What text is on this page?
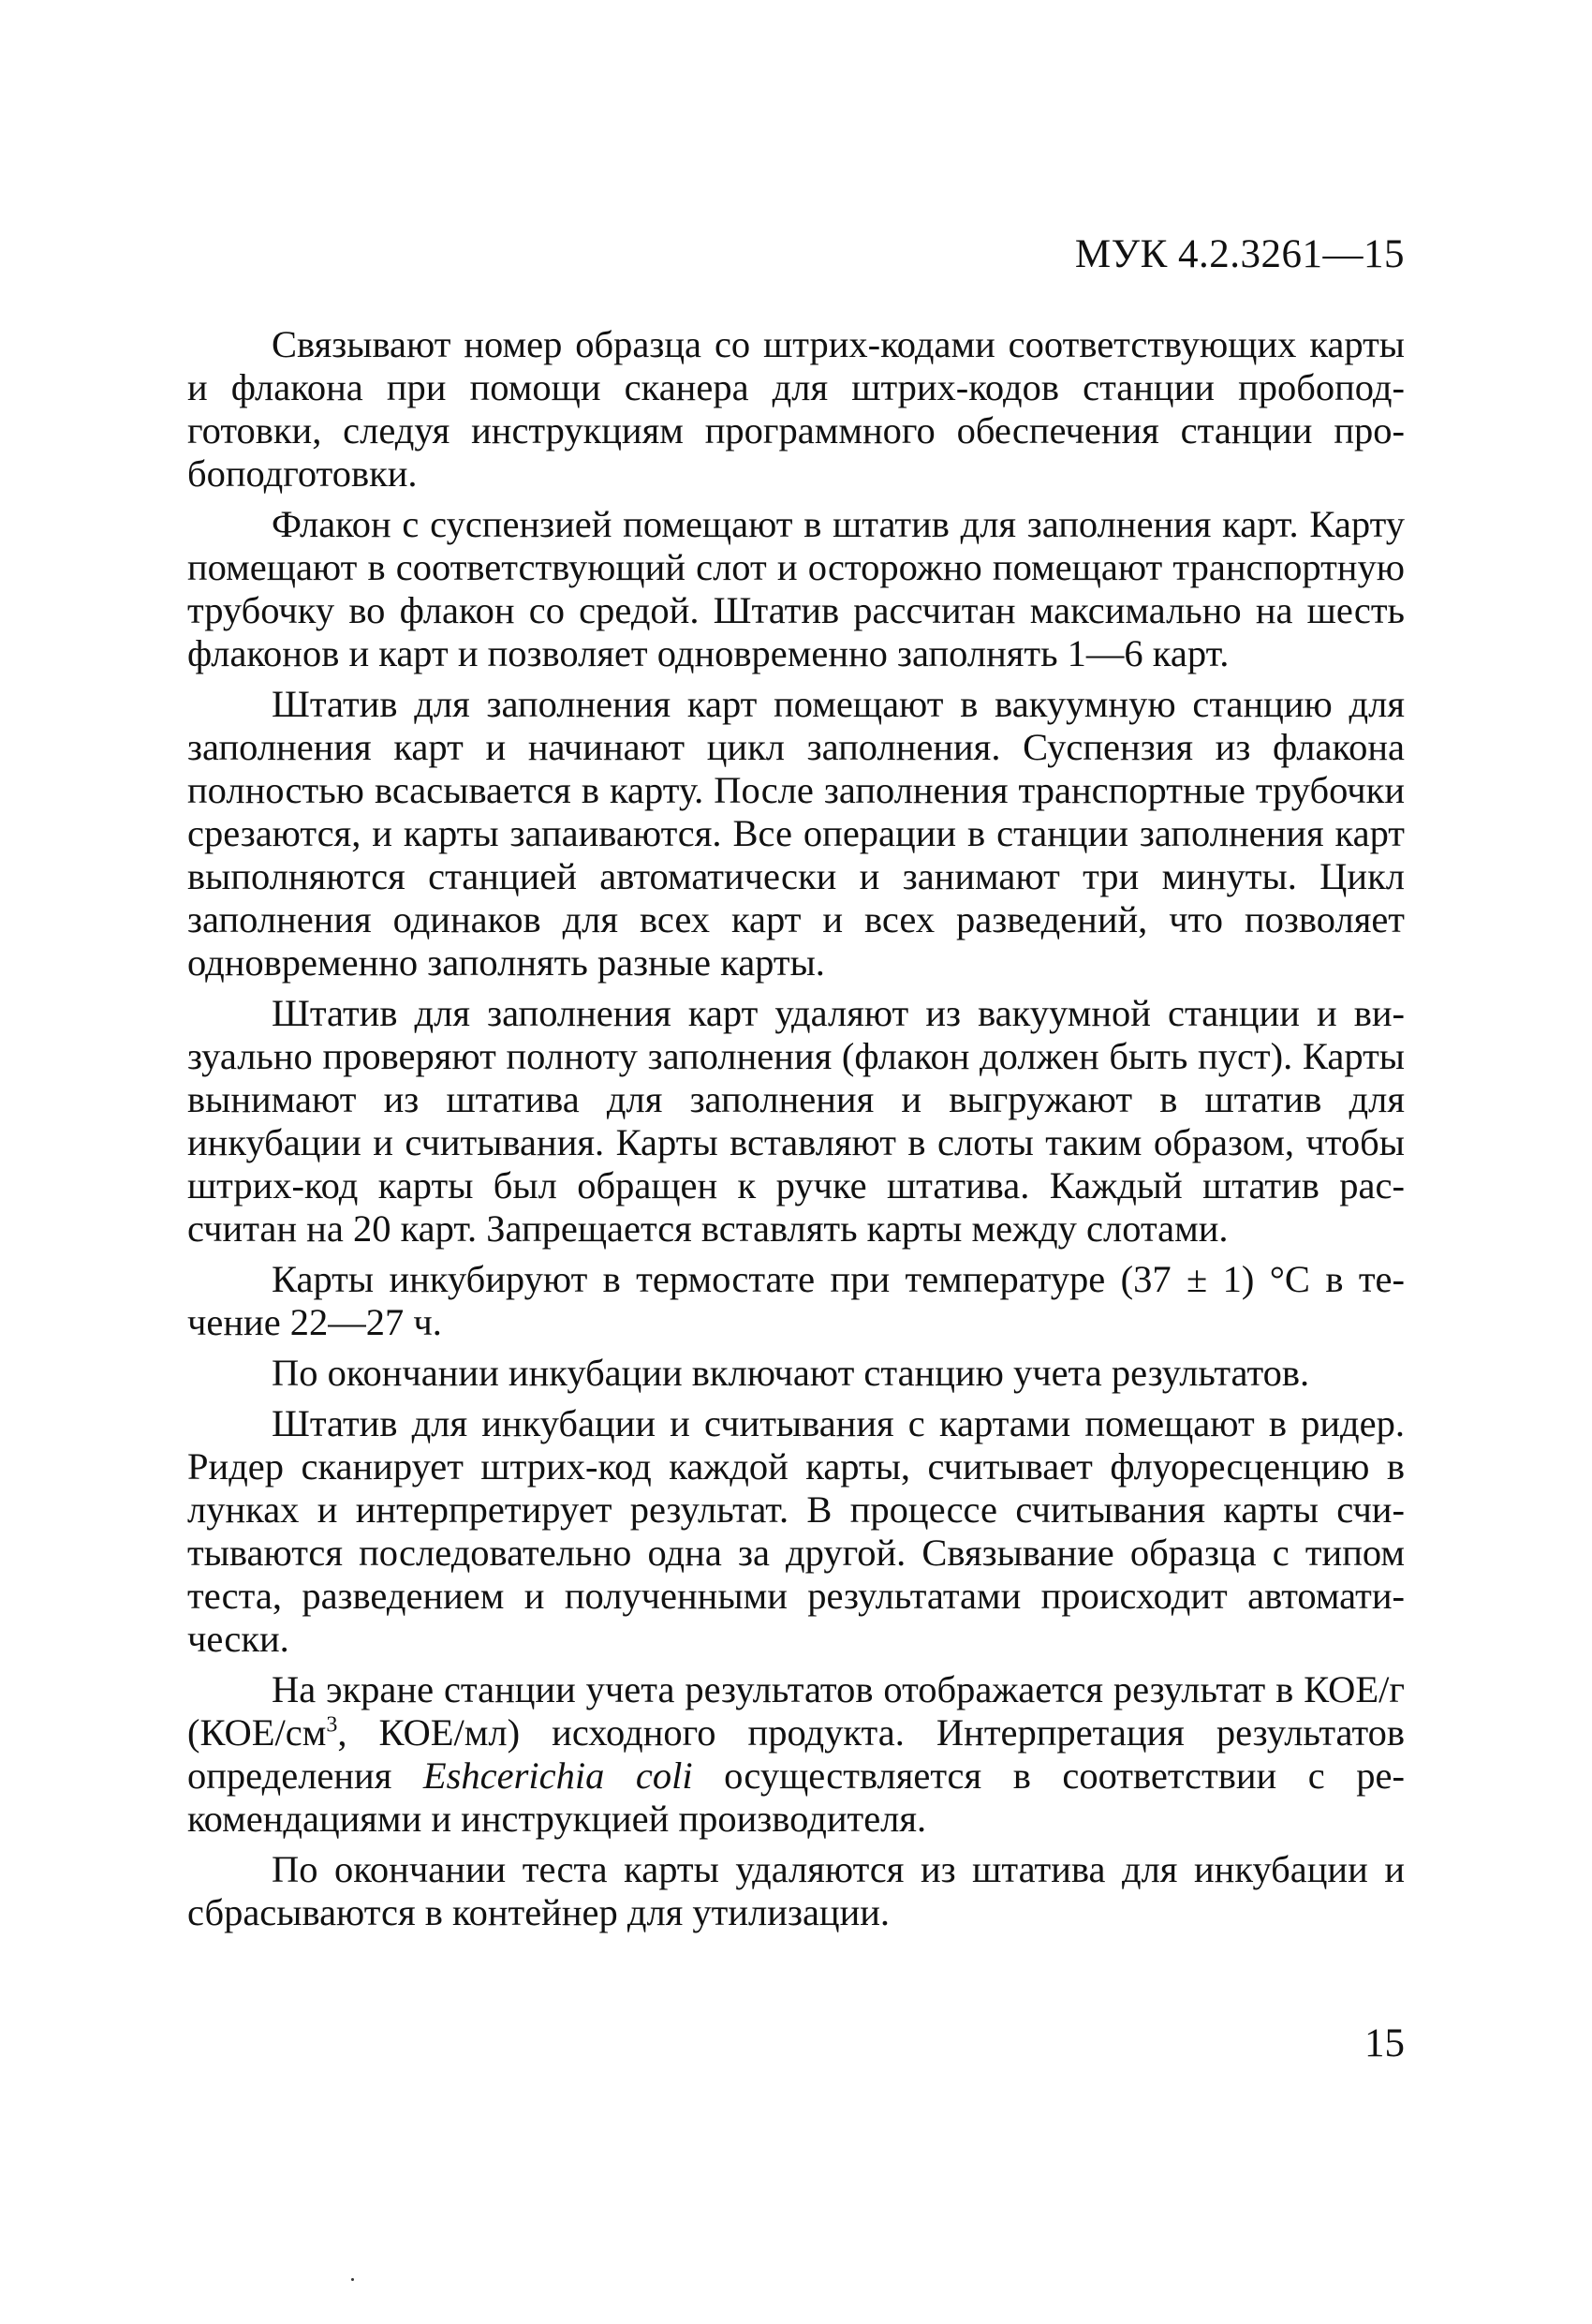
МУК 4.2.3261—15

Связывают номер образца со штрих-кодами соответствующих карты и флакона при помощи сканера для штрих-кодов станции пробоподготовки, следуя инструкциям программного обеспечения станции пробоподготовки.

Флакон с суспензией помещают в штатив для заполнения карт. Карту помещают в соответствующий слот и осторожно помещают транспортную трубочку во флакон со средой. Штатив рассчитан максимально на шесть флаконов и карт и позволяет одновременно заполнять 1—6 карт.

Штатив для заполнения карт помещают в вакуумную станцию для заполнения карт и начинают цикл заполнения. Суспензия из флакона полностью всасывается в карту. После заполнения транспортные трубочки срезаются, и карты запаиваются. Все операции в станции заполнения карт выполняются станцией автоматически и занимают три минуты. Цикл заполнения одинаков для всех карт и всех разведений, что позволяет одновременно заполнять разные карты.

Штатив для заполнения карт удаляют из вакуумной станции и визуально проверяют полноту заполнения (флакон должен быть пуст). Карты вынимают из штатива для заполнения и выгружают в штатив для инкубации и считывания. Карты вставляют в слоты таким образом, чтобы штрих-код карты был обращен к ручке штатива. Каждый штатив рассчитан на 20 карт. Запрещается вставлять карты между слотами.

Карты инкубируют в термостате при температуре (37 ± 1) °С в течение 22—27 ч.

По окончании инкубации включают станцию учета результатов.

Штатив для инкубации и считывания с картами помещают в ридер. Ридер сканирует штрих-код каждой карты, считывает флуоресценцию в лунках и интерпретирует результат. В процессе считывания карты считываются последовательно одна за другой. Связывание образца с типом теста, разведением и полученными результатами происходит автоматически.

На экране станции учета результатов отображается результат в КОЕ/г ($КОЕ/см^3$, КОЕ/мл) исходного продукта. Интерпретация результатов определения Eshcerichia coli осуществляется в соответствии с рекомендациями и инструкцией производителя.

По окончании теста карты удаляются из штатива для инкубации и сбрасываются в контейнер для утилизации.

15
